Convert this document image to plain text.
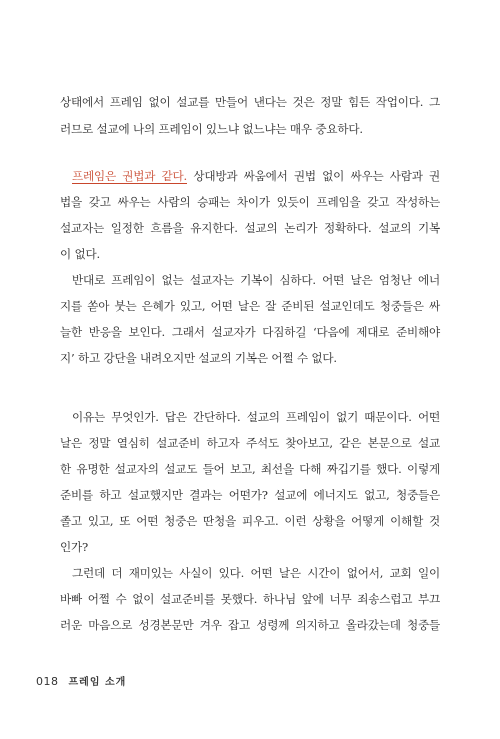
상태에서 프레임 없이 설교를 만들어 낸다는 것은 정말 힘든 작업이다. 그
러므로 설교에 나의 프레임이 있느냐 없느냐는 매우 중요하다.
프레임은 권법과 같다. 상대방과 싸움에서 권법 없이 싸우는 사람과 권
법을 갖고 싸우는 사람의 승패는 차이가 있듯이 프레임을 갖고 작성하는
설교자는 일정한 흐름을 유지한다. 설교의 논리가 정확하다. 설교의 기복
이 없다.
반대로 프레임이 없는 설교자는 기복이 심하다. 어떤 날은 엄청난 에너
지를 쏟아 붓는 은혜가 있고, 어떤 날은 잘 준비된 설교인데도 청중들은 싸
늘한 반응을 보인다. 그래서 설교자가 다짐하길 ‘다음에 제대로 준비해야
지’ 하고 강단을 내려오지만 설교의 기복은 어쩔 수 없다.
이유는 무엇인가. 답은 간단하다. 설교의 프레임이 없기 때문이다. 어떤
날은 정말 열심히 설교준비 하고자 주석도 찾아보고, 같은 본문으로 설교
한 유명한 설교자의 설교도 들어 보고, 최선을 다해 짜깁기를 했다. 이렇게
준비를 하고 설교했지만 결과는 어떤가? 설교에 에너지도 없고, 청중들은
졸고 있고, 또 어떤 청중은 딴청을 피우고. 이런 상황을 어떻게 이해할 것
인가?
그런데 더 재미있는 사실이 있다. 어떤 날은 시간이 없어서, 교회 일이
바빠 어쩔 수 없이 설교준비를 못했다. 하나님 앞에 너무 죄송스럽고 부끄
러운 마음으로 성경본문만 겨우 잡고 성령께 의지하고 올라갔는데 청중들
018 프레임 소개
